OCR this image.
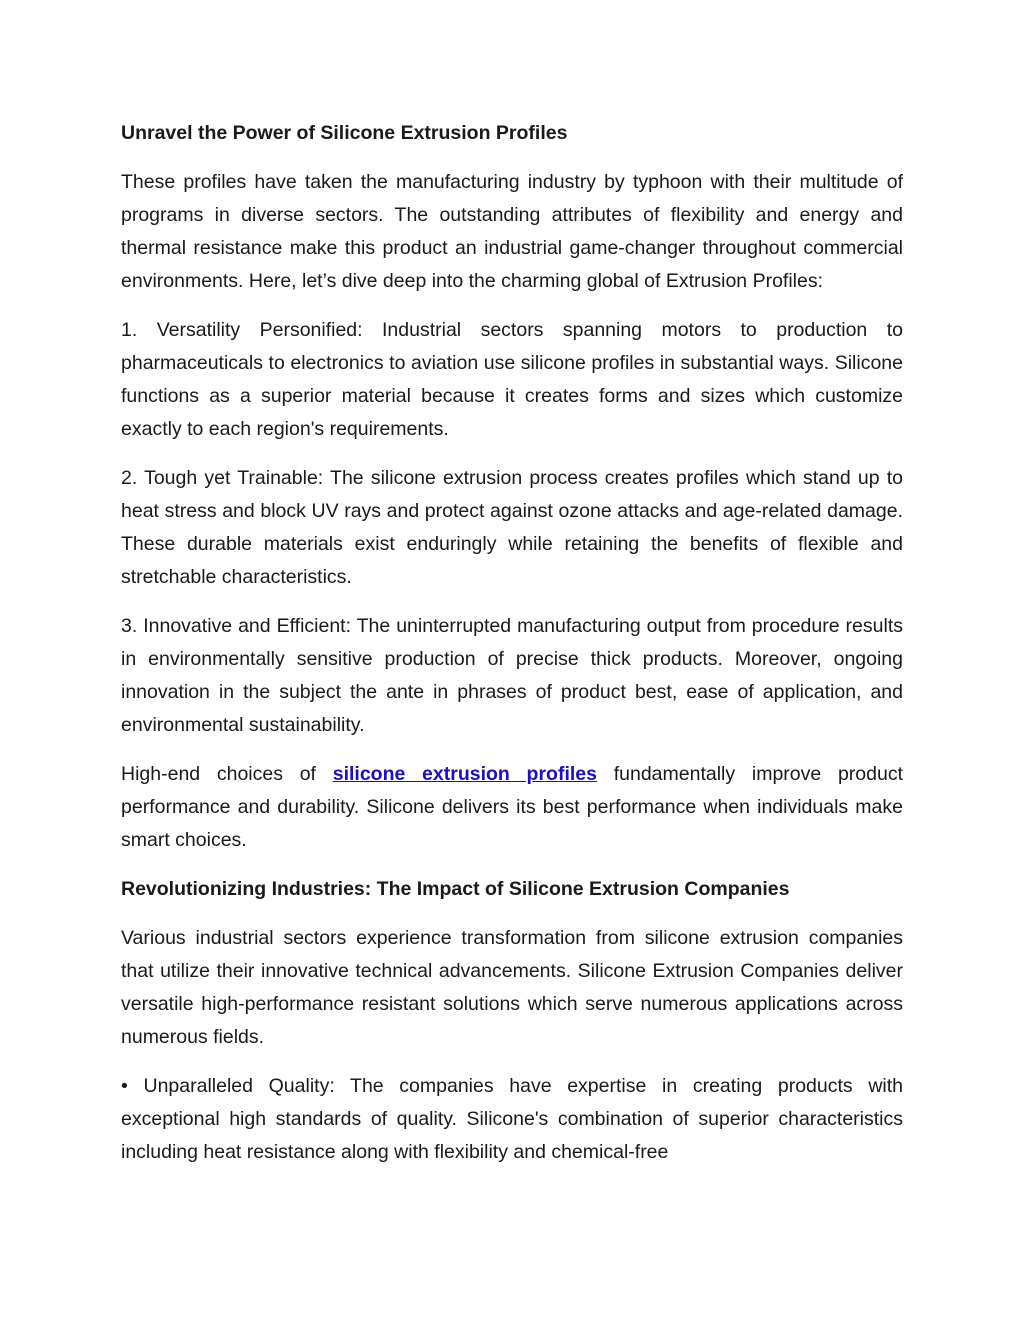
Unravel the Power of Silicone Extrusion Profiles

These profiles have taken the manufacturing industry by typhoon with their multitude of programs in diverse sectors. The outstanding attributes of flexibility and energy and thermal resistance make this product an industrial game-changer throughout commercial environments. Here, let’s dive deep into the charming global of Extrusion Profiles:

1. Versatility Personified: Industrial sectors spanning motors to production to pharmaceuticals to electronics to aviation use silicone profiles in substantial ways. Silicone functions as a superior material because it creates forms and sizes which customize exactly to each region's requirements.

2. Tough yet Trainable: The silicone extrusion process creates profiles which stand up to heat stress and block UV rays and protect against ozone attacks and age-related damage. These durable materials exist enduringly while retaining the benefits of flexible and stretchable characteristics.

3. Innovative and Efficient: The uninterrupted manufacturing output from procedure results in environmentally sensitive production of precise thick products. Moreover, ongoing innovation in the subject the ante in phrases of product best, ease of application, and environmental sustainability.

High-end choices of silicone extrusion profiles fundamentally improve product performance and durability. Silicone delivers its best performance when individuals make smart choices.

Revolutionizing Industries: The Impact of Silicone Extrusion Companies

Various industrial sectors experience transformation from silicone extrusion companies that utilize their innovative technical advancements. Silicone Extrusion Companies deliver versatile high-performance resistant solutions which serve numerous applications across numerous fields.

• Unparalleled Quality: The companies have expertise in creating products with exceptional high standards of quality. Silicone's combination of superior characteristics including heat resistance along with flexibility and chemical-free
